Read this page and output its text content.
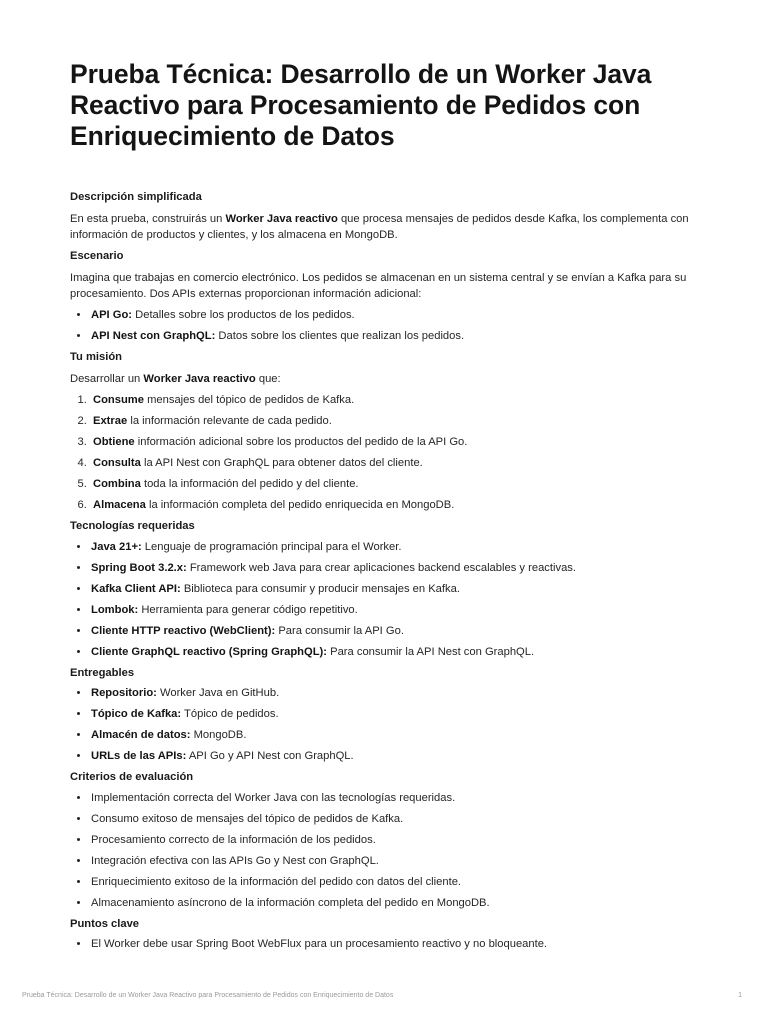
Prueba Técnica: Desarrollo de un Worker Java Reactivo para Procesamiento de Pedidos con Enriquecimiento de Datos
Descripción simplificada

En esta prueba, construirás un Worker Java reactivo que procesa mensajes de pedidos desde Kafka, los complementa con información de productos y clientes, y los almacena en MongoDB.

Escenario

Imagina que trabajas en comercio electrónico. Los pedidos se almacenan en un sistema central y se envían a Kafka para su procesamiento. Dos APIs externas proporcionan información adicional:

• API Go: Detalles sobre los productos de los pedidos.
• API Nest con GraphQL: Datos sobre los clientes que realizan los pedidos.
Tu misión

Desarrollar un Worker Java reactivo que:

1. Consume mensajes del tópico de pedidos de Kafka.
2. Extrae la información relevante de cada pedido.
3. Obtiene información adicional sobre los productos del pedido de la API Go.
4. Consulta la API Nest con GraphQL para obtener datos del cliente.
5. Combina toda la información del pedido y del cliente.
6. Almacena la información completa del pedido enriquecida en MongoDB.
Tecnologías requeridas
• Java 21+: Lenguaje de programación principal para el Worker.
• Spring Boot 3.2.x: Framework web Java para crear aplicaciones backend escalables y reactivas.
• Kafka Client API: Biblioteca para consumir y producir mensajes en Kafka.
• Lombok: Herramienta para generar código repetitivo.
• Cliente HTTP reactivo (WebClient): Para consumir la API Go.
• Cliente GraphQL reactivo (Spring GraphQL): Para consumir la API Nest con GraphQL.
Entregables
• Repositorio: Worker Java en GitHub.
• Tópico de Kafka: Tópico de pedidos.
• Almacén de datos: MongoDB.
• URLs de las APIs: API Go y API Nest con GraphQL.
Criterios de evaluación
• Implementación correcta del Worker Java con las tecnologías requeridas.
• Consumo exitoso de mensajes del tópico de pedidos de Kafka.
• Procesamiento correcto de la información de los pedidos.
• Integración efectiva con las APIs Go y Nest con GraphQL.
• Enriquecimiento exitoso de la información del pedido con datos del cliente.
• Almacenamiento asíncrono de la información completa del pedido en MongoDB.
Puntos clave
• El Worker debe usar Spring Boot WebFlux para un procesamiento reactivo y no bloqueante.
Prueba Técnica: Desarrollo de un Worker Java Reactivo para Procesamiento de Pedidos con Enriquecimiento de Datos	1
